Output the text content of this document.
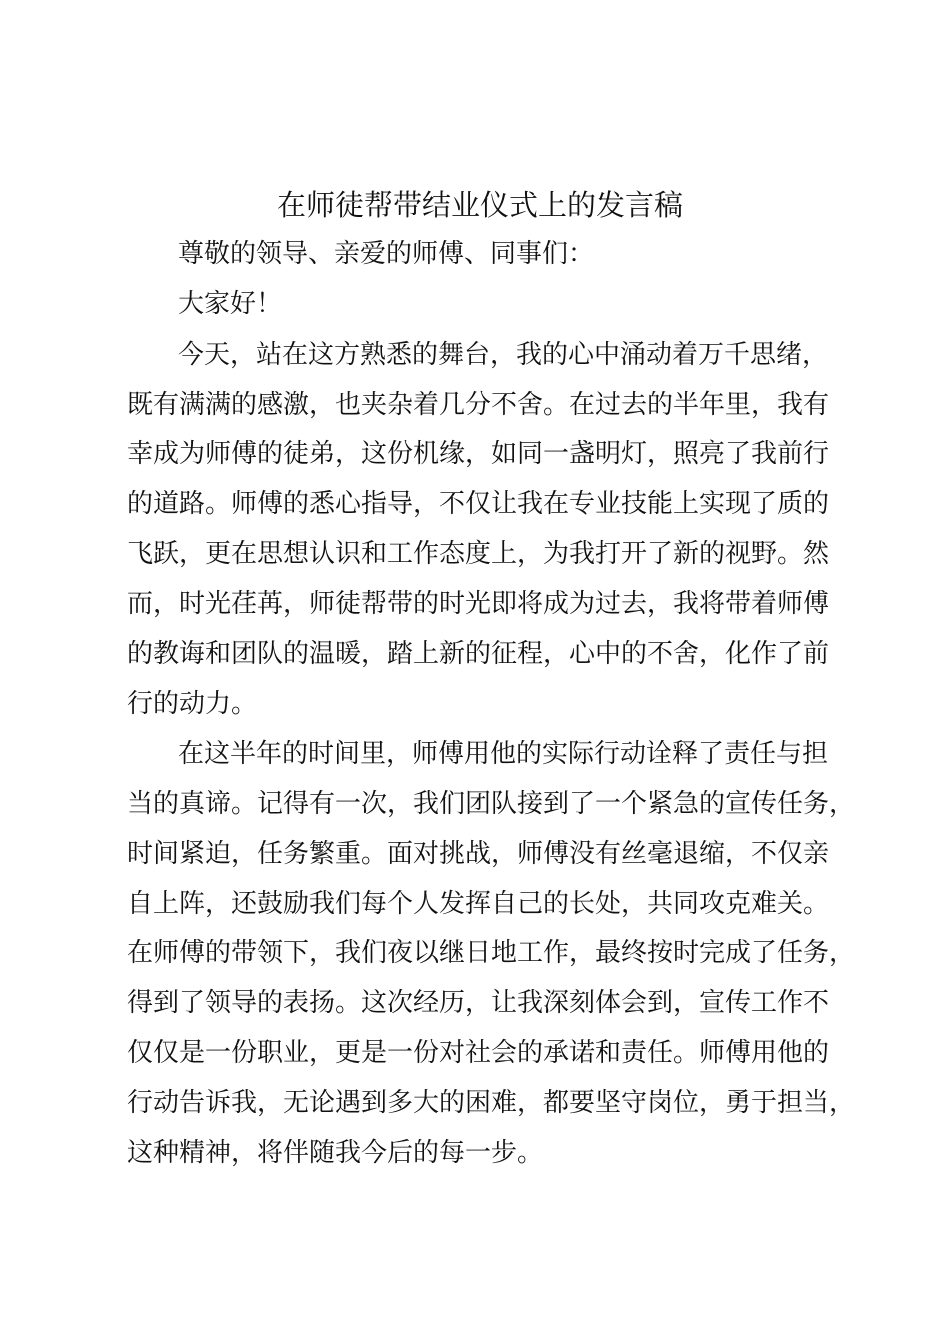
在师徒帮带结业仪式上的发言稿
尊敬的领导、亲爱的师傅、同事们：
大家好！
今天，站在这方熟悉的舞台，我的心中涌动着万千思绪，
既有满满的感激，也夹杂着几分不舍。在过去的半年里，我有
幸成为师傅的徒弟，这份机缘，如同一盏明灯，照亮了我前行
的道路。师傅的悉心指导，不仅让我在专业技能上实现了质的
飞跃，更在思想认识和工作态度上，为我打开了新的视野。然
而，时光荏苒，师徒帮带的时光即将成为过去，我将带着师傅
的教诲和团队的温暖，踏上新的征程，心中的不舍，化作了前
行的动力。
在这半年的时间里，师傅用他的实际行动诠释了责任与担
当的真谛。记得有一次，我们团队接到了一个紧急的宣传任务，
时间紧迫，任务繁重。面对挑战，师傅没有丝毫退缩，不仅亲
自上阵，还鼓励我们每个人发挥自己的长处，共同攻克难关。
在师傅的带领下，我们夜以继日地工作，最终按时完成了任务，
得到了领导的表扬。这次经历，让我深刻体会到，宣传工作不
仅仅是一份职业，更是一份对社会的承诺和责任。师傅用他的
行动告诉我，无论遇到多大的困难，都要坚守岗位，勇于担当，
这种精神，将伴随我今后的每一步。
